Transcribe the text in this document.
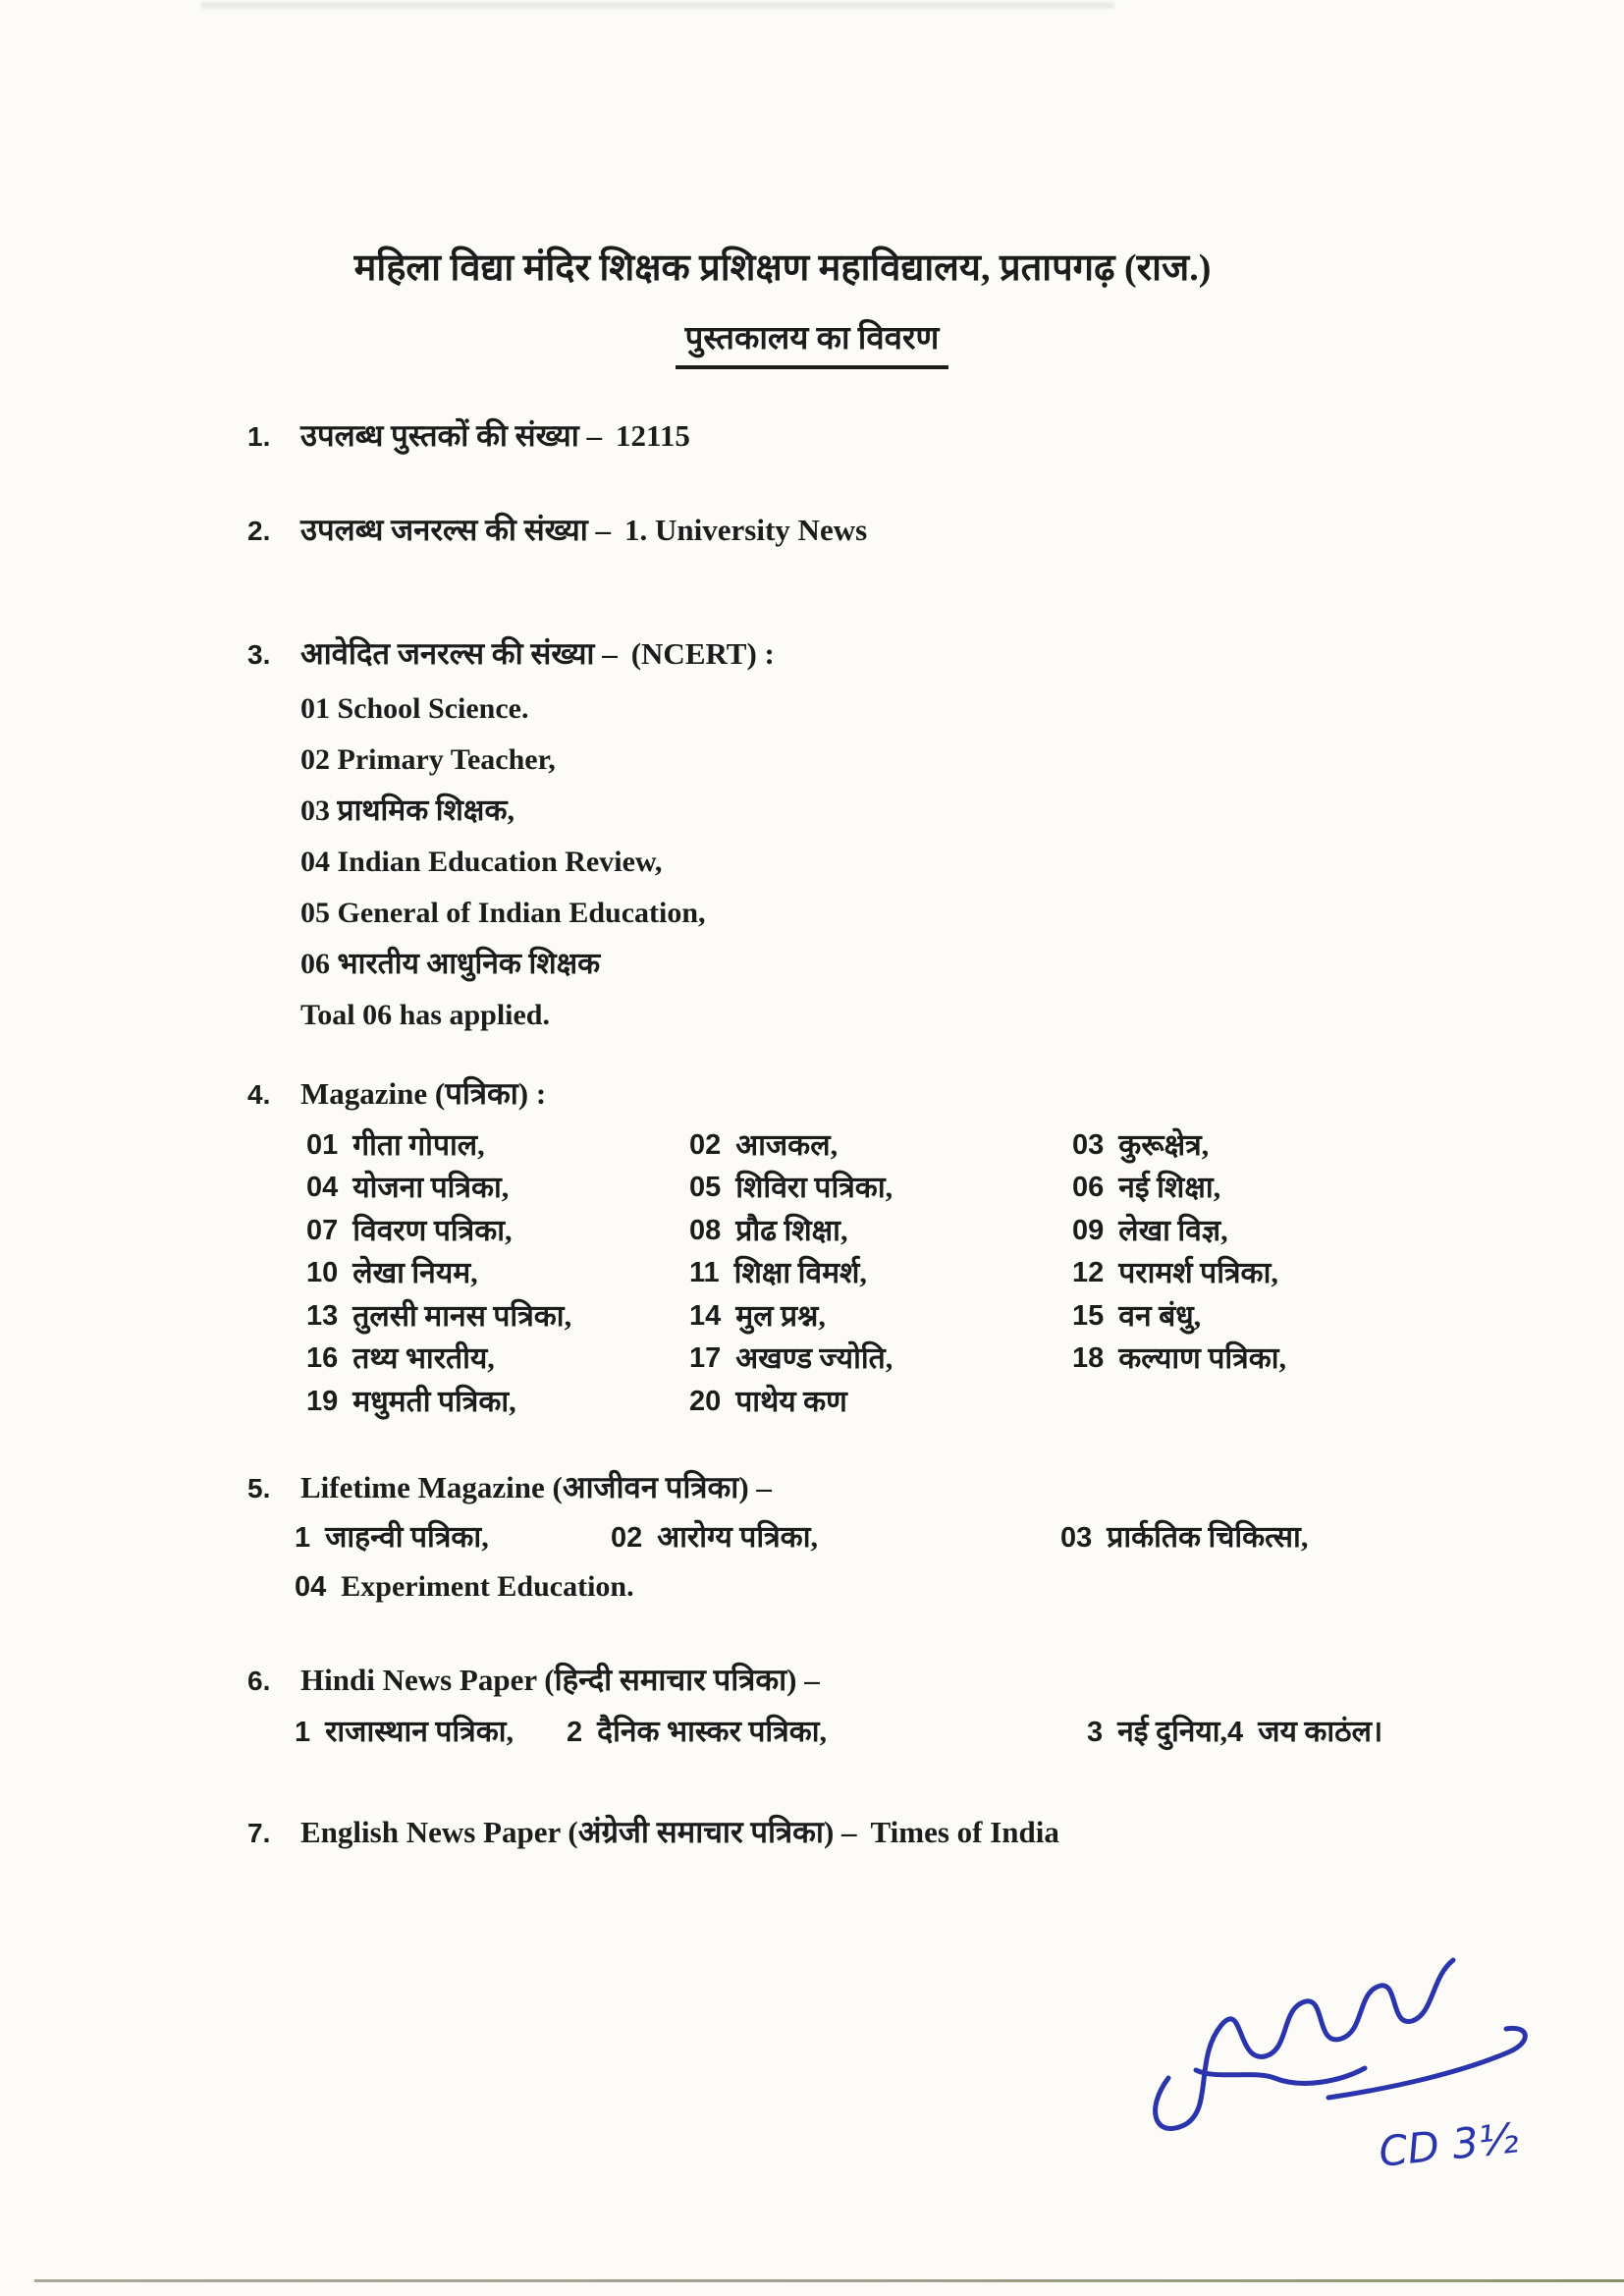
महिला विद्या मंदिर शिक्षक प्रशिक्षण महाविद्यालय, प्रतापगढ़ (राज.)
पुस्तकालय का विवरण
1. उपलब्ध पुस्तकों की संख्या – 12115
2. उपलब्ध जनरल्स की संख्या – 1. University News
3. आवेदित जनरल्स की संख्या – (NCERT) :
01 School Science.
02 Primary Teacher,
03 प्राथमिक शिक्षक,
04 Indian Education Review,
05 General of Indian Education,
06 भारतीय आधुनिक शिक्षक
Toal 06 has applied.
4. Magazine (पत्रिका) :
01 गीता गोपाल,	02 आजकल,	03 कुरूक्षेत्र,
04 योजना पत्रिका,	05 शिविरा पत्रिका,	06 नई शिक्षा,
07 विवरण पत्रिका,	08 प्रौढ शिक्षा,	09 लेखा विज्ञ,
10 लेखा नियम,	11 शिक्षा विमर्श,	12 परामर्श पत्रिका,
13 तुलसी मानस पत्रिका,	14 मुल प्रश्न,	15 वन बंधु,
16 तथ्य भारतीय,	17 अखण्ड ज्योति,	18 कल्याण पत्रिका,
19 मधुमती पत्रिका,	20 पाथेय कण
5. Lifetime Magazine (आजीवन पत्रिका) –
1 जाहन्वी पत्रिका,	02 आरोग्य पत्रिका,	03 प्रार्कतिक चिकित्सा,
04 Experiment Education.
6. Hindi News Paper (हिन्दी समाचार पत्रिका) –
1 राजास्थान पत्रिका, 2 दैनिक भास्कर पत्रिका,	3 नई दुनिया, 4 जय काठंल।
7. English News Paper (अंग्रेजी समाचार पत्रिका) – Times of India
CD 3½
